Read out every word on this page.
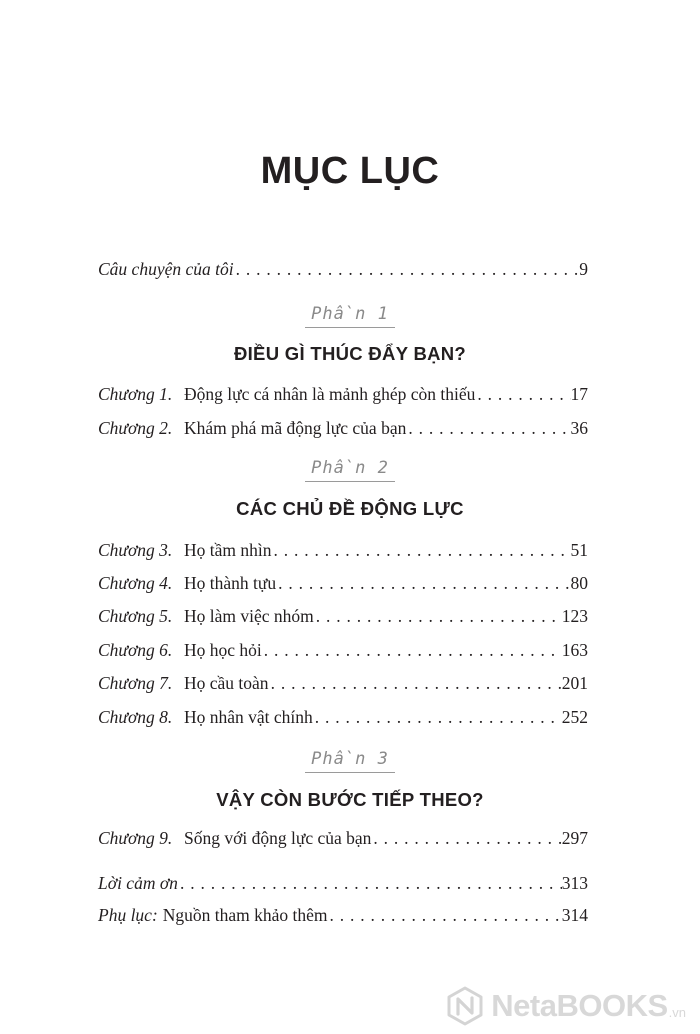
MỤC LỤC
Câu chuyện của tôi . . .	9
Phần 1
ĐIỀU GÌ THÚC ĐẨY BẠN?
Chương 1. Động lực cá nhân là mảnh ghép còn thiếu . . .	17
Chương 2. Khám phá mã động lực của bạn . . .	36
Phần 2
CÁC CHỦ ĐỀ ĐỘNG LỰC
Chương 3. Họ tầm nhìn . . .	51
Chương 4. Họ thành tựu . . .	80
Chương 5. Họ làm việc nhóm . . .	123
Chương 6. Họ học hỏi . . .	163
Chương 7. Họ cầu toàn . . .	201
Chương 8. Họ nhân vật chính . . .	252
Phần 3
VẬY CÒN BƯỚC TIẾP THEO?
Chương 9. Sống với động lực của bạn . . .	297
Lời cảm ơn . . .	313
Phụ lục: Nguồn tham khảo thêm . . .	314
NetaBOOKS .vn
